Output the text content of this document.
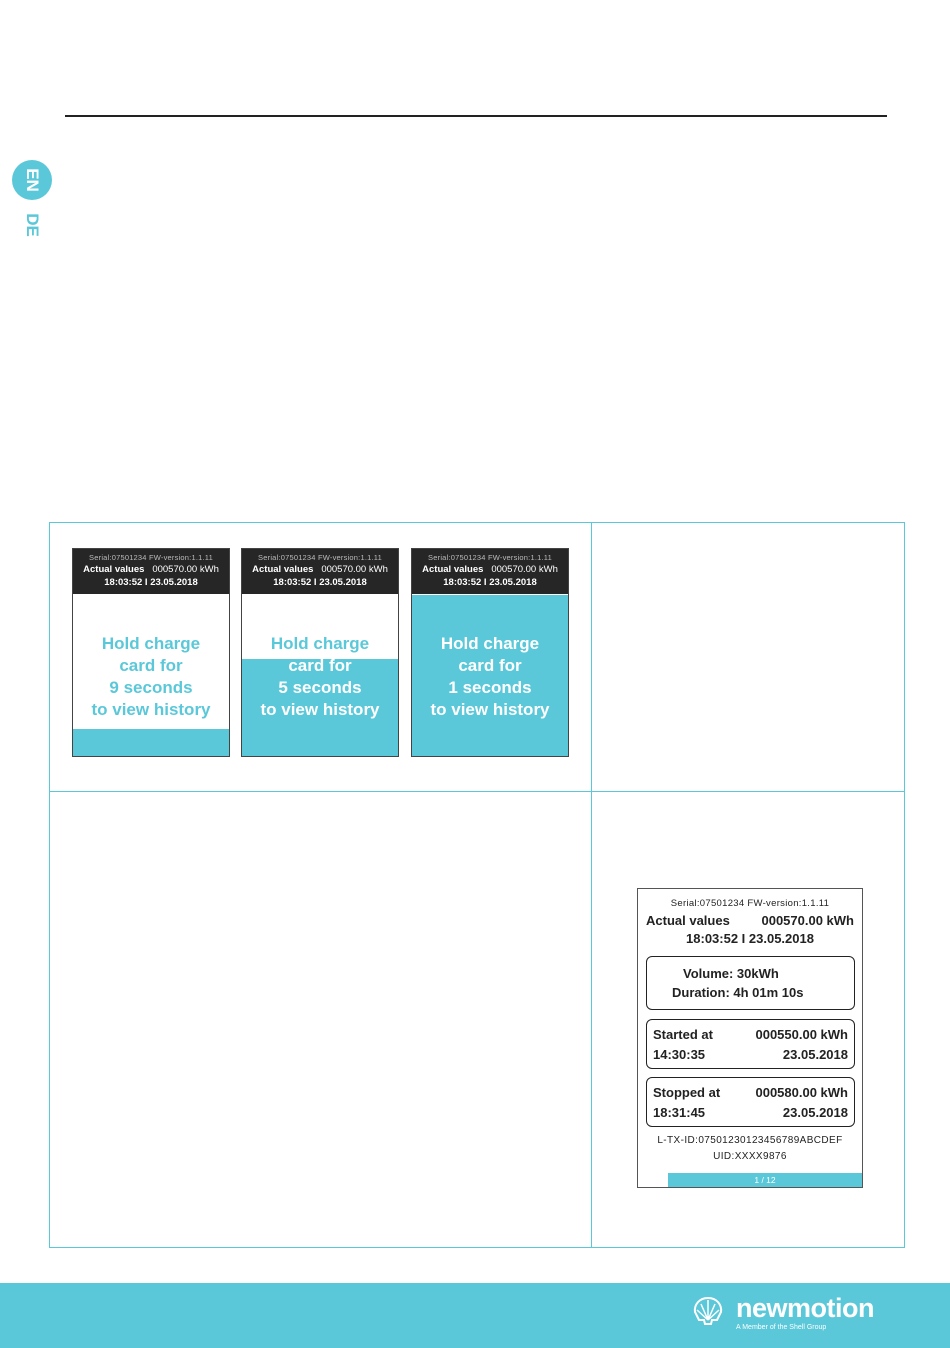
EN
DE
Serial:07501234 FW-version:1.1.11
Actual values 000570.00 kWh
18:03:52 I 23.05.2018
Hold charge
card for
9 seconds
to view history
Serial:07501234 FW-version:1.1.11
Actual values 000570.00 kWh
18:03:52 I 23.05.2018
Hold charge
card for
5 seconds
to view history
Serial:07501234 FW-version:1.1.11
Actual values 000570.00 kWh
18:03:52 I 23.05.2018
Hold charge
card for
1 seconds
to view history
Serial:07501234 FW-version:1.1.11
Actual values 000570.00 kWh
18:03:52 I 23.05.2018
Volume: 30kWh
Duration: 4h 01m 10s
Started at	000550.00 kWh
14:30:35	23.05.2018
Stopped at	000580.00 kWh
18:31:45	23.05.2018
L-TX-ID:07501230123456789ABCDEF
UID:XXXX9876
1 / 12
newmotion
A Member of the Shell Group
